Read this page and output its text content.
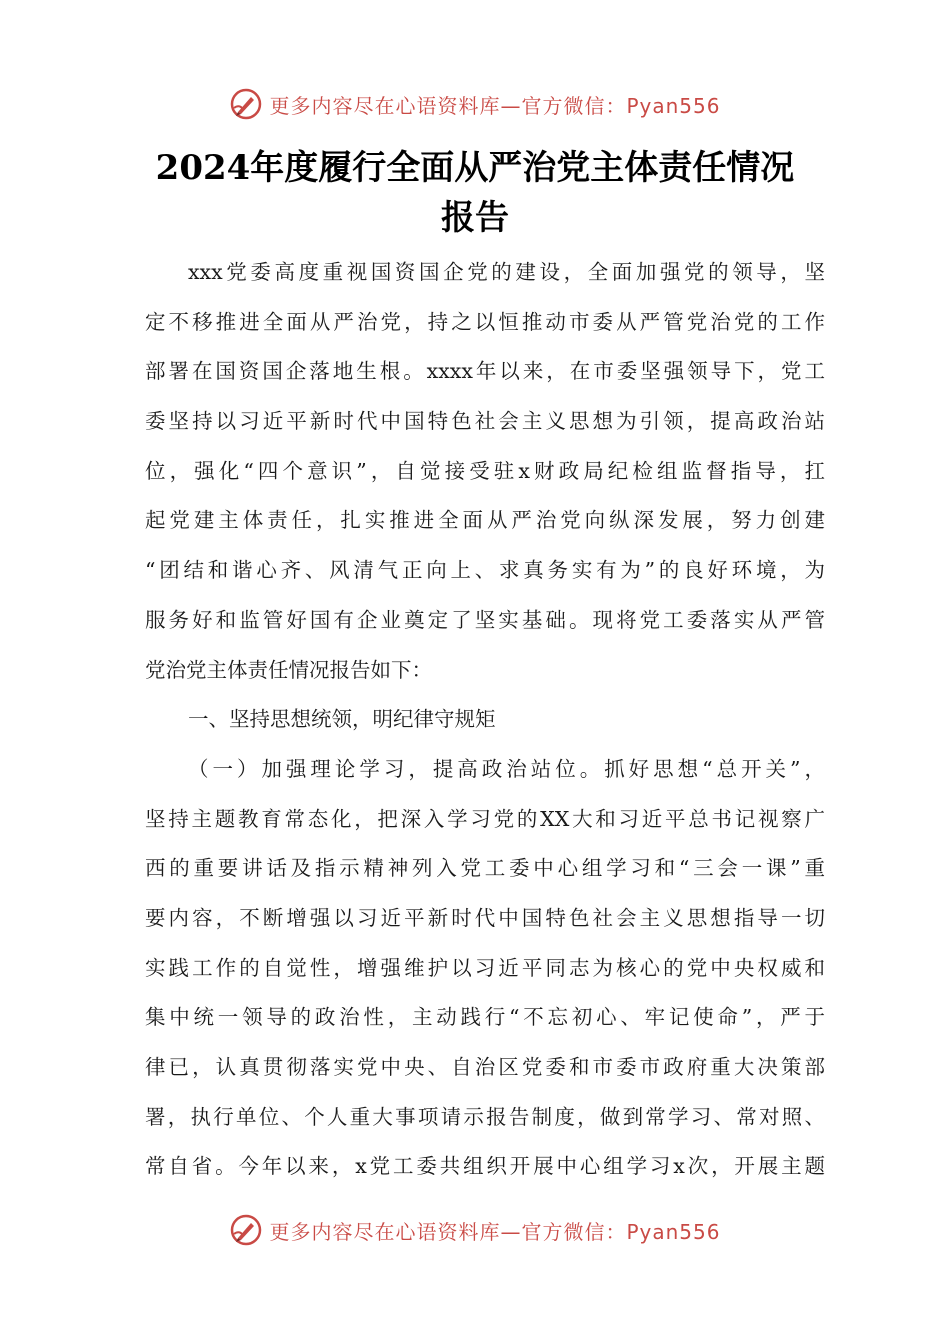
更多内容尽在心语资料库—官方微信：Pyan556
2024年度履行全面从严治党主体责任情况
报告
xxx党委高度重视国资国企党的建设，全面加强党的领导，坚
定不移推进全面从严治党，持之以恒推动市委从严管党治党的工作
部署在国资国企落地生根。xxxx年以来，在市委坚强领导下，党工
委坚持以习近平新时代中国特色社会主义思想为引领，提高政治站
位，强化“四个意识”，自觉接受驻x财政局纪检组监督指导，扛
起党建主体责任，扎实推进全面从严治党向纵深发展，努力创建
“团结和谐心齐、风清气正向上、求真务实有为”的良好环境，为
服务好和监管好国有企业奠定了坚实基础。现将党工委落实从严管
党治党主体责任情况报告如下：
一、坚持思想统领，明纪律守规矩
（一）加强理论学习，提高政治站位。抓好思想“总开关”，
坚持主题教育常态化，把深入学习党的XX大和习近平总书记视察广
西的重要讲话及指示精神列入党工委中心组学习和“三会一课”重
要内容，不断增强以习近平新时代中国特色社会主义思想指导一切
实践工作的自觉性，增强维护以习近平同志为核心的党中央权威和
集中统一领导的政治性，主动践行“不忘初心、牢记使命”，严于
律已，认真贯彻落实党中央、自治区党委和市委市政府重大决策部
署，执行单位、个人重大事项请示报告制度，做到常学习、常对照、
常自省。今年以来，x党工委共组织开展中心组学习x次，开展主题
更多内容尽在心语资料库—官方微信：Pyan556
